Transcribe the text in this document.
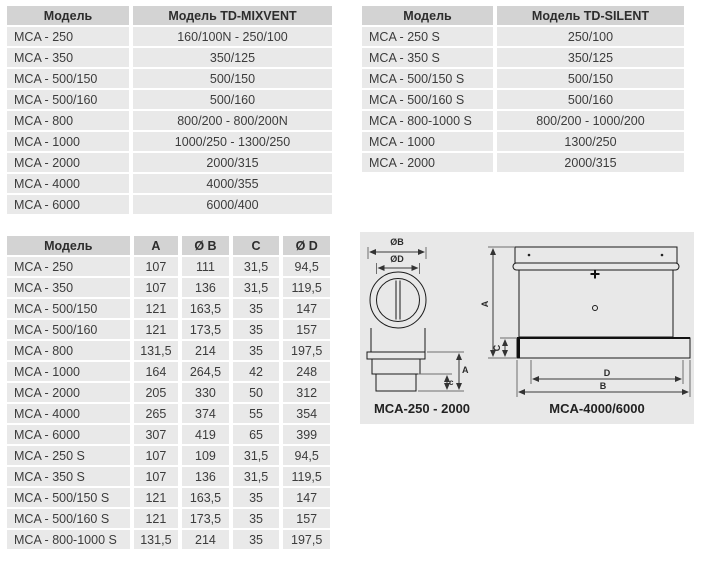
Модель	Модель TD-MIXVENT
MCA - 250	160/100N - 250/100
MCA - 350	350/125
MCA - 500/150	500/150
MCA - 500/160	500/160
MCA - 800	800/200 - 800/200N
MCA - 1000	1000/250 - 1300/250
MCA - 2000	2000/315
MCA - 4000	4000/355
MCA - 6000	6000/400
Модель	Модель TD-SILENT
MCA - 250 S	250/100
MCA - 350 S	350/125
MCA - 500/150 S	500/150
MCA - 500/160 S	500/160
MCA - 800-1000 S	800/200 - 1000/200
MCA - 1000	1300/250
MCA - 2000	2000/315
Модель	A	Ø B	C	Ø D
MCA - 250	107	111	31,5	94,5
MCA - 350	107	136	31,5	119,5
MCA - 500/150	121	163,5	35	147
MCA - 500/160	121	173,5	35	157
MCA - 800	131,5	214	35	197,5
MCA - 1000	164	264,5	42	248
MCA - 2000	205	330	50	312
MCA - 4000	265	374	55	354
MCA - 6000	307	419	65	399
MCA - 250 S	107	109	31,5	94,5
MCA - 350 S	107	136	31,5	119,5
MCA - 500/150 S	121	163,5	35	147
MCA - 500/160 S	121	173,5	35	157
MCA - 800-1000 S	131,5	214	35	197,5
ØB
ØD
A
c
MCA-250 - 2000
A
C
D
B
MCA-4000/6000
